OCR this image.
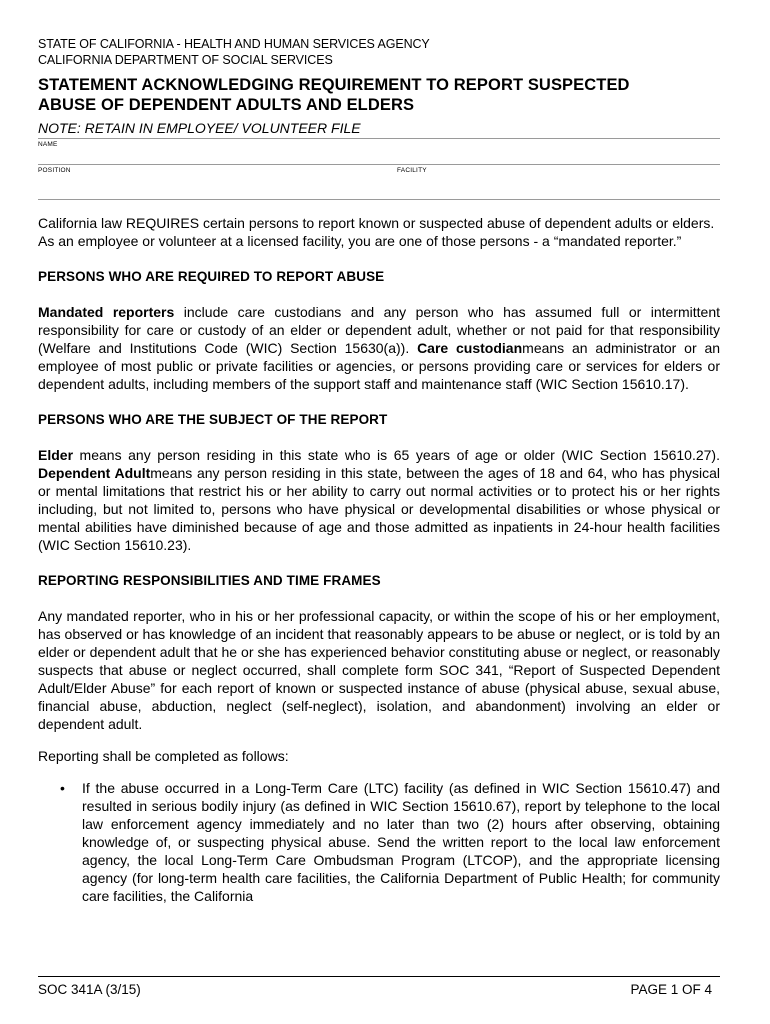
STATE OF CALIFORNIA - HEALTH AND HUMAN SERVICES AGENCY
CALIFORNIA DEPARTMENT OF SOCIAL SERVICES
STATEMENT ACKNOWLEDGING REQUIREMENT TO REPORT SUSPECTED
ABUSE OF DEPENDENT ADULTS AND ELDERS
NOTE: RETAIN IN EMPLOYEE/ VOLUNTEER FILE
NAME
POSITION	FACILITY

California law REQUIRES certain persons to report known or suspected abuse of dependent adults or elders. As an employee or volunteer at a licensed facility, you are one of those persons - a “mandated reporter.”

PERSONS WHO ARE REQUIRED TO REPORT ABUSE

Mandated reporters include care custodians and any person who has assumed full or intermittent responsibility for care or custody of an elder or dependent adult, whether or not paid for that responsibility (Welfare and Institutions Code (WIC) Section 15630(a)). Care custodianmeans an administrator or an employee of most public or private facilities or agencies, or persons providing care or services for elders or dependent adults, including members of the support staff and maintenance staff (WIC Section 15610.17).

PERSONS WHO ARE THE SUBJECT OF THE REPORT

Elder means any person residing in this state who is 65 years of age or older (WIC Section 15610.27). Dependent Adultmeans any person residing in this state, between the ages of 18 and 64, who has physical or mental limitations that restrict his or her ability to carry out normal activities or to protect his or her rights including, but not limited to, persons who have physical or developmental disabilities or whose physical or mental abilities have diminished because of age and those admitted as inpatients in 24-hour health facilities (WIC Section 15610.23).

REPORTING RESPONSIBILITIES AND TIME FRAMES

Any mandated reporter, who in his or her professional capacity, or within the scope of his or her employment, has observed or has knowledge of an incident that reasonably appears to be abuse or neglect, or is told by an elder or dependent adult that he or she has experienced behavior constituting abuse or neglect, or reasonably suspects that abuse or neglect occurred, shall complete form SOC 341, “Report of Suspected Dependent Adult/Elder Abuse” for each report of known or suspected instance of abuse (physical abuse, sexual abuse, financial abuse, abduction, neglect (self-neglect), isolation, and abandonment) involving an elder or dependent adult.

Reporting shall be completed as follows:

• If the abuse occurred in a Long-Term Care (LTC) facility (as defined in WIC Section 15610.47) and resulted in serious bodily injury (as defined in WIC Section 15610.67), report by telephone to the local law enforcement agency immediately and no later than two (2) hours after observing, obtaining knowledge of, or suspecting physical abuse. Send the written report to the local law enforcement agency, the local Long-Term Care Ombudsman Program (LTCOP), and the appropriate licensing agency (for long-term health care facilities, the California Department of Public Health; for community care facilities, the California

SOC 341A (3/15)	PAGE 1 OF 4
